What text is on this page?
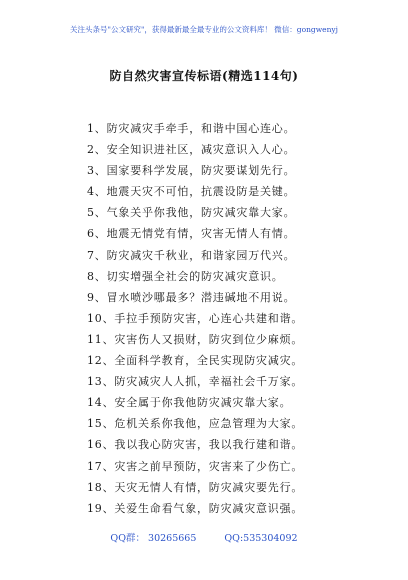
关注头条号"公文研究"，获得最新最全最专业的公文资料库！ 微信：gongwenyj
防自然灾害宣传标语(精选114句)
1、防灾减灾手牵手，和谐中国心连心。
2、安全知识进社区，减灾意识入人心。
3、国家要科学发展，防灾要谋划先行。
4、地震天灾不可怕，抗震设防是关键。
5、气象关乎你我他，防灾减灾靠大家。
6、地震无情党有情，灾害无情人有情。
7、防灾减灾千秋业，和谐家园万代兴。
8、切实增强全社会的防灾减灾意识。
9、冒水喷沙哪最多？潜违碱地不用说。
10、手拉手预防灾害，心连心共建和谐。
11、灾害伤人又损财，防灾到位少麻烦。
12、全面科学教育，全民实现防灾减灾。
13、防灾减灾人人抓，幸福社会千万家。
14、安全属于你我他防灾减灾靠大家。
15、危机关系你我他，应急管理为大家。
16、我以我心防灾害，我以我行建和谐。
17、灾害之前早预防，灾害来了少伤亡。
18、天灾无情人有情，防灾减灾要先行。
19、关爱生命看气象，防灾减灾意识强。
QQ群： 30265665	QQ:535304092
